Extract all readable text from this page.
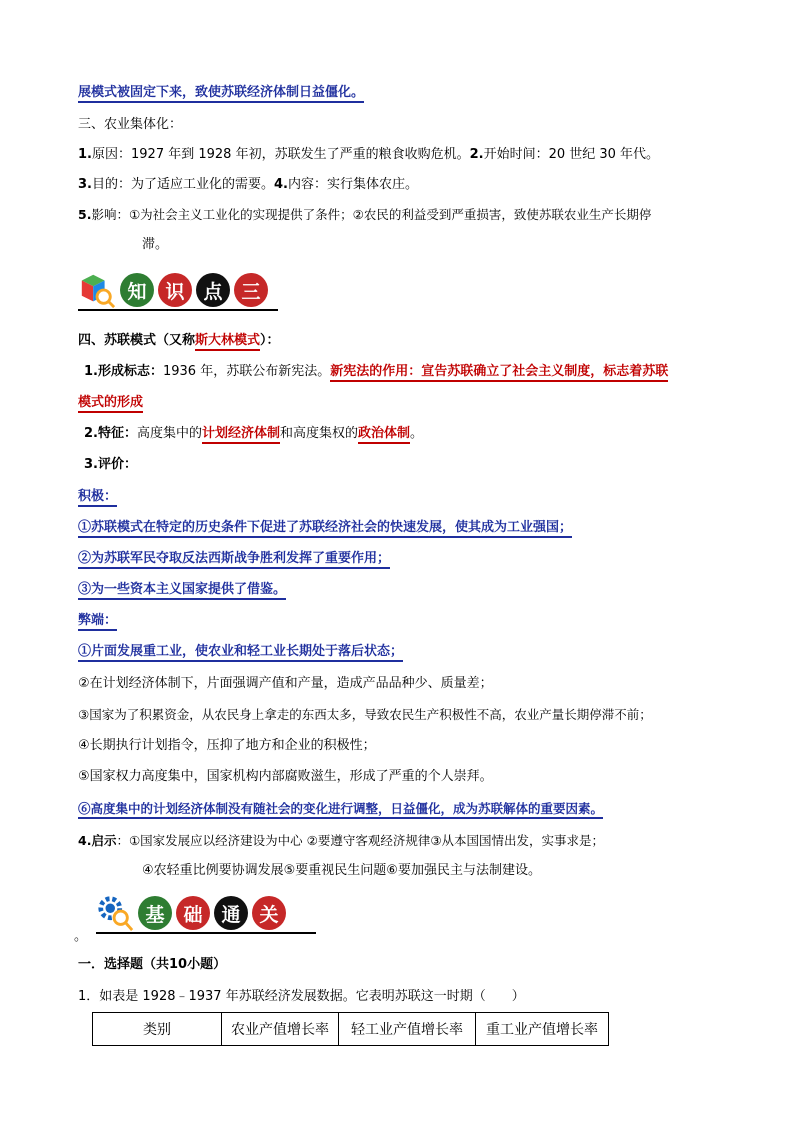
展模式被固定下来，致使苏联经济体制日益僵化。
三、农业集体化：
1.原因：1927 年到 1928 年初，苏联发生了严重的粮食收购危机。2.开始时间：20 世纪 30 年代。
3.目的：为了适应工业化的需要。4.内容：实行集体农庄。
5.影响：①为社会主义工业化的实现提供了条件；②农民的利益受到严重损害，致使苏联农业生产长期停
滞。
知 识 点 三
四、苏联模式（又称斯大林模式）：
1.形成标志：1936 年，苏联公布新宪法。新宪法的作用：宣告苏联确立了社会主义制度，标志着苏联
模式的形成
2.特征：高度集中的计划经济体制和高度集权的政治体制。
3.评价：
积极：
①苏联模式在特定的历史条件下促进了苏联经济社会的快速发展，使其成为工业强国；
②为苏联军民夺取反法西斯战争胜利发挥了重要作用；
③为一些资本主义国家提供了借鉴。
弊端：
①片面发展重工业，使农业和轻工业长期处于落后状态；
②在计划经济体制下，片面强调产值和产量，造成产品品种少、质量差；
③国家为了积累资金，从农民身上拿走的东西太多，导致农民生产积极性不高，农业产量长期停滞不前；
④长期执行计划指令，压抑了地方和企业的积极性；
⑤国家权力高度集中，国家机构内部腐败滋生，形成了严重的个人崇拜。
⑥高度集中的计划经济体制没有随社会的变化进行调整，日益僵化，成为苏联解体的重要因素。
4.启示：①国家发展应以经济建设为中心 ②要遵守客观经济规律③从本国国情出发，实事求是；
④农轻重比例要协调发展⑤要重视民生问题⑥要加强民主与法制建设。
基 础 通 关
。
一．选择题（共10小题）
1．如表是 1928﹣1937 年苏联经济发展数据。它表明苏联这一时期（　　）
类别	农业产值增长率	轻工业产值增长率	重工业产值增长率
